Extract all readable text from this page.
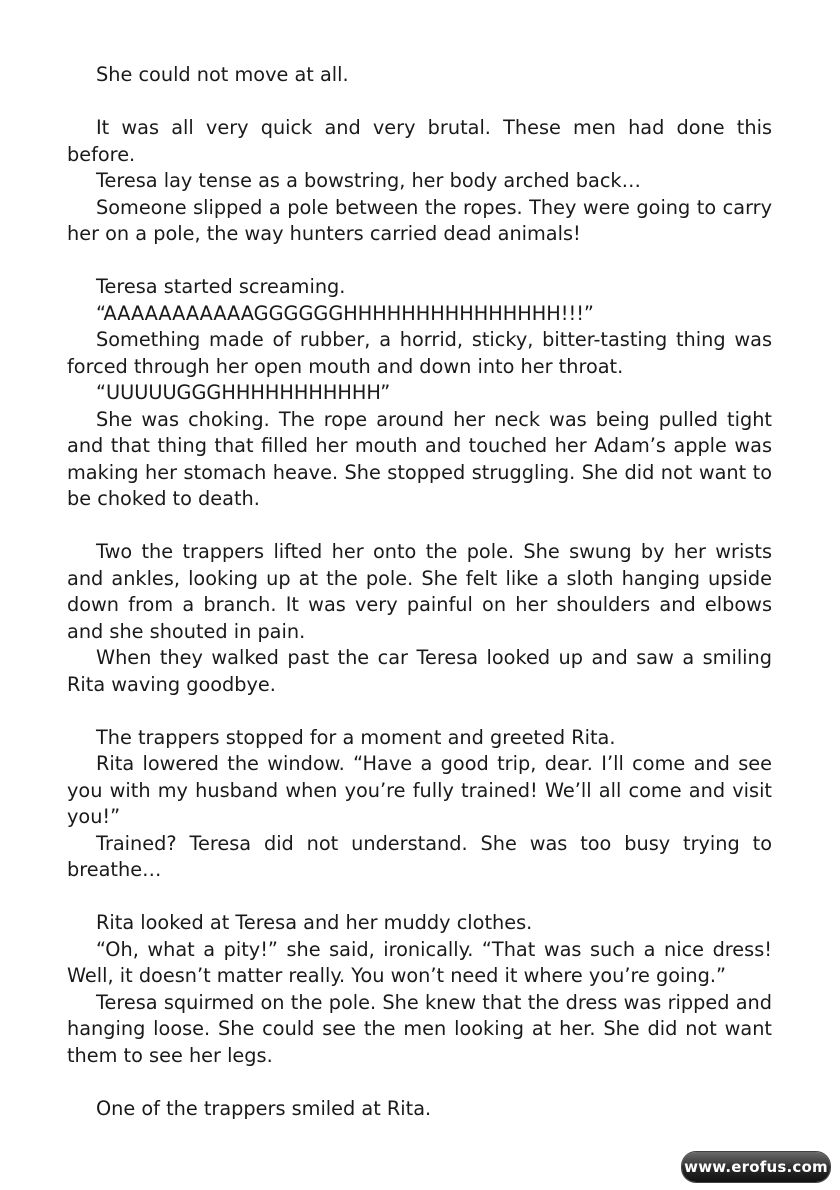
She could not move at all.

It was all very quick and very brutal. These men had done this before.

Teresa lay tense as a bowstring, her body arched back…

Someone slipped a pole between the ropes. They were going to carry her on a pole, the way hunters carried dead animals!

Teresa started screaming.

“AAAAAAAAAAAGGGGGGHHHHHHHHHHHHHHH!!!”

Something made of rubber, a horrid, sticky, bitter-tasting thing was forced through her open mouth and down into her throat.

“UUUUUGGGHHHHHHHHHHH”

She was choking. The rope around her neck was being pulled tight and that thing that filled her mouth and touched her Adam’s apple was making her stomach heave. She stopped struggling. She did not want to be choked to death.

Two the trappers lifted her onto the pole. She swung by her wrists and ankles, looking up at the pole. She felt like a sloth hanging upside down from a branch. It was very painful on her shoulders and elbows and she shouted in pain.

When they walked past the car Teresa looked up and saw a smiling Rita waving goodbye.

The trappers stopped for a moment and greeted Rita.

Rita lowered the window. “Have a good trip, dear. I’ll come and see you with my husband when you’re fully trained! We’ll all come and visit you!”

Trained? Teresa did not understand. She was too busy trying to breathe…

Rita looked at Teresa and her muddy clothes.

“Oh, what a pity!” she said, ironically. “That was such a nice dress! Well, it doesn’t matter really. You won’t need it where you’re going.”

Teresa squirmed on the pole. She knew that the dress was ripped and hanging loose. She could see the men looking at her. She did not want them to see her legs.

One of the trappers smiled at Rita.

www.erofus.com
